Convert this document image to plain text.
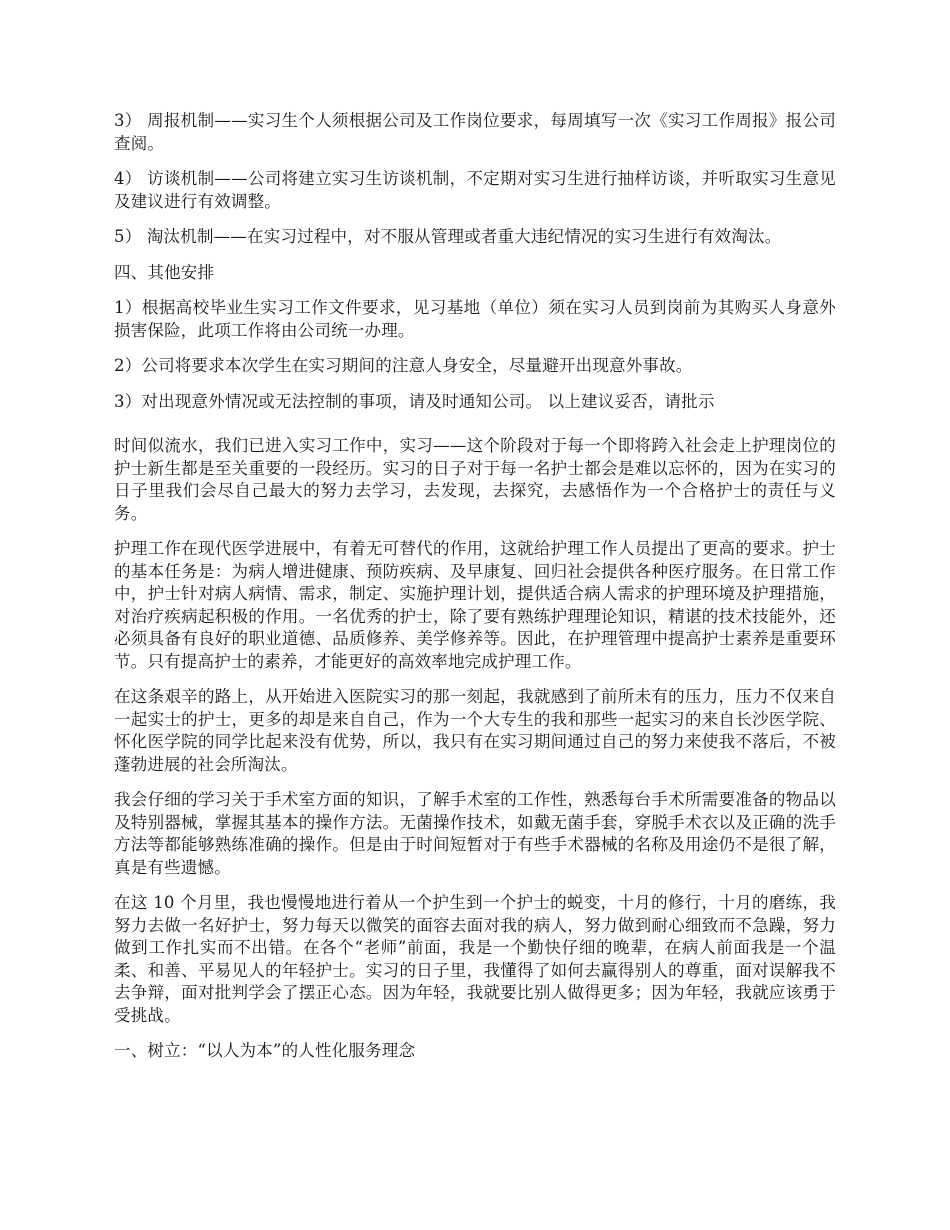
3） 周报机制——实习生个人须根据公司及工作岗位要求，每周填写一次《实习工作周报》报公司查阅。

4） 访谈机制——公司将建立实习生访谈机制，不定期对实习生进行抽样访谈，并听取实习生意见及建议进行有效调整。

5） 淘汰机制——在实习过程中，对不服从管理或者重大违纪情况的实习生进行有效淘汰。

四、其他安排

1）根据高校毕业生实习工作文件要求，见习基地（单位）须在实习人员到岗前为其购买人身意外损害保险，此项工作将由公司统一办理。

2）公司将要求本次学生在实习期间的注意人身安全，尽量避开出现意外事故。

3）对出现意外情况或无法控制的事项，请及时通知公司。 以上建议妥否，请批示

时间似流水，我们已进入实习工作中，实习——这个阶段对于每一个即将跨入社会走上护理岗位的护士新生都是至关重要的一段经历。实习的日子对于每一名护士都会是难以忘怀的，因为在实习的日子里我们会尽自己最大的努力去学习，去发现，去探究，去感悟作为一个合格护士的责任与义务。

护理工作在现代医学进展中，有着无可替代的作用，这就给护理工作人员提出了更高的要求。护士的基本任务是：为病人增进健康、预防疾病、及早康复、回归社会提供各种医疗服务。在日常工作中，护士针对病人病情、需求，制定、实施护理计划，提供适合病人需求的护理环境及护理措施，对治疗疾病起积极的作用。一名优秀的护士，除了要有熟练护理理论知识，精谌的技术技能外，还必须具备有良好的职业道德、品质修养、美学修养等。因此，在护理管理中提高护士素养是重要环节。只有提高护士的素养，才能更好的高效率地完成护理工作。

在这条艰辛的路上，从开始进入医院实习的那一刻起，我就感到了前所未有的压力，压力不仅来自一起实士的护士，更多的却是来自自己，作为一个大专生的我和那些一起实习的来自长沙医学院、怀化医学院的同学比起来没有优势，所以，我只有在实习期间通过自己的努力来使我不落后，不被蓬勃进展的社会所淘汰。

我会仔细的学习关于手术室方面的知识，了解手术室的工作性，熟悉每台手术所需要准备的物品以及特别器械，掌握其基本的操作方法。无菌操作技术，如戴无菌手套，穿脱手术衣以及正确的洗手方法等都能够熟练准确的操作。但是由于时间短暂对于有些手术器械的名称及用途仍不是很了解，真是有些遗憾。

在这 10 个月里，我也慢慢地进行着从一个护生到一个护士的蜕变，十月的修行，十月的磨练，我努力去做一名好护士，努力每天以微笑的面容去面对我的病人，努力做到耐心细致而不急躁，努力做到工作扎实而不出错。在各个“老师”前面，我是一个勤快仔细的晚辈，在病人前面我是一个温柔、和善、平易见人的年轻护士。实习的日子里，我懂得了如何去赢得别人的尊重，面对误解我不去争辩，面对批判学会了摆正心态。因为年轻，我就要比别人做得更多；因为年轻，我就应该勇于受挑战。

一、树立：“以人为本”的人性化服务理念
